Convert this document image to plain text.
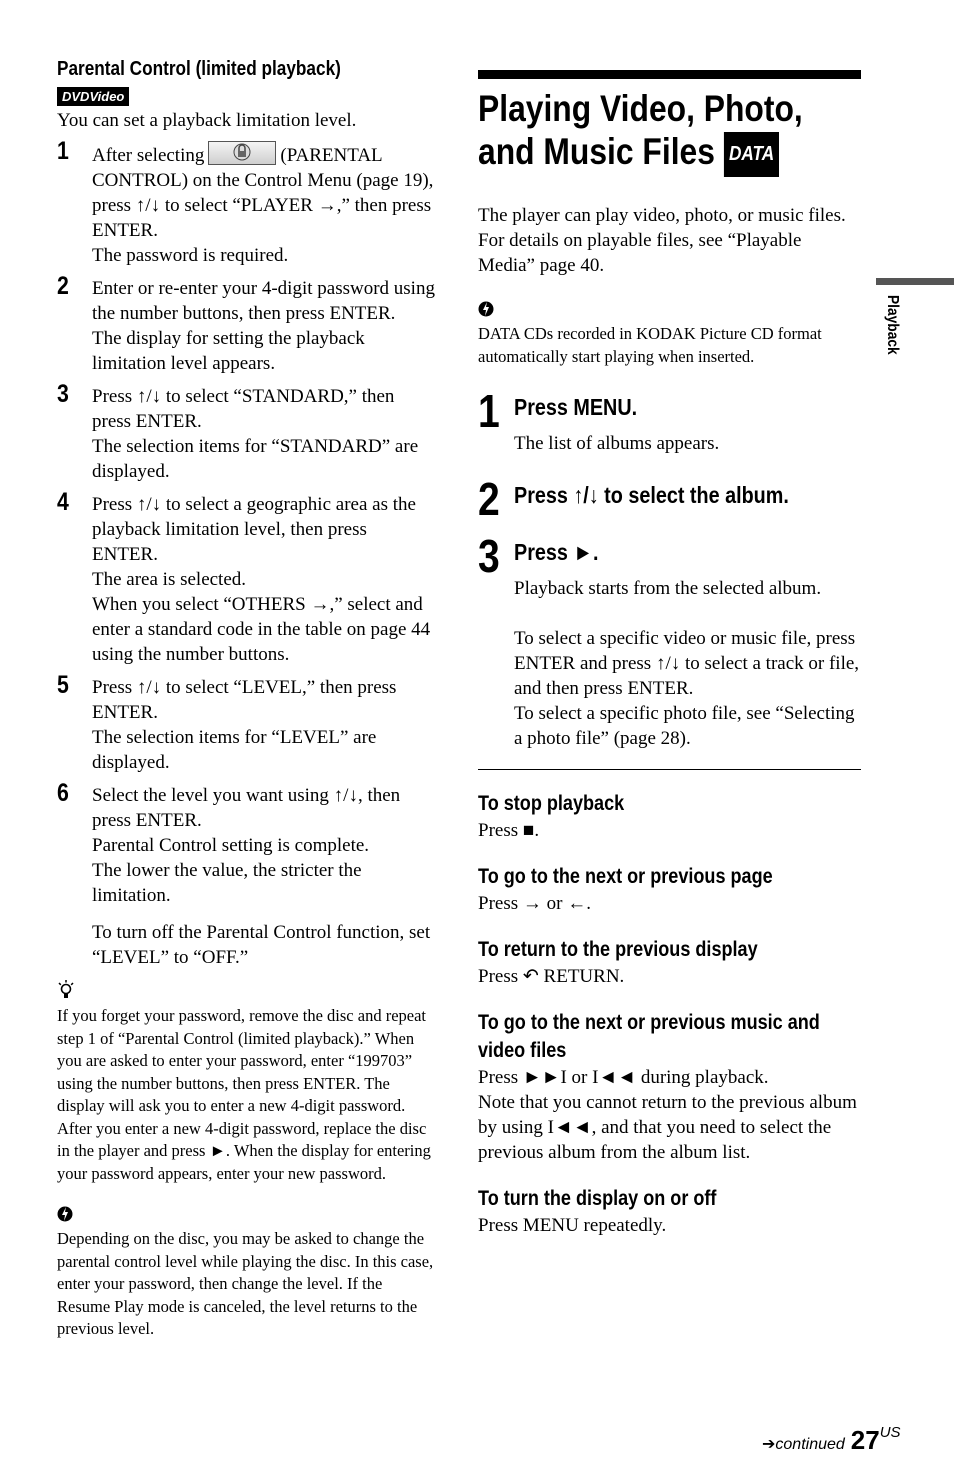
Parental Control (limited playback)
DVDVideo
You can set a playback limitation level.
1 After selecting	(PARENTAL CONTROL) on the Control Menu (page 19), press ↑/↓ to select “PLAYER →,” then press ENTER.

The password is required.

2 Enter or re-enter your 4-digit password using the number buttons, then press ENTER.

The display for setting the playback limitation level appears.

3 Press ↑/↓ to select “STANDARD,” then press ENTER.

The selection items for “STANDARD” are displayed.

4 Press ↑/↓ to select a geographic area as the playback limitation level, then press ENTER.

The area is selected.

When you select “OTHERS →,” select and enter a standard code in the table on page 44 using the number buttons.

5 Press ↑/↓ to select “LEVEL,” then press ENTER.

The selection items for “LEVEL” are displayed.

6 Select the level you want using ↑/↓, then press ENTER.

Parental Control setting is complete.

The lower the value, the stricter the limitation.

To turn off the Parental Control function, set “LEVEL” to “OFF.”

If you forget your password, remove the disc and repeat step 1 of “Parental Control (limited playback).” When you are asked to enter your password, enter “199703” using the number buttons, then press ENTER. The display will ask you to enter a new 4-digit password. After you enter a new 4-digit password, replace the disc in the player and press ►. When the display for entering your password appears, enter your new password.
Depending on the disc, you may be asked to change the parental control level while playing the disc. In this case, enter your password, then change the level. If the Resume Play mode is canceled, the level returns to the previous level.
Playing Video, Photo,
and Music Files DATA
The player can play video, photo, or music files. For details on playable files, see “Playable Media” page 40.
DATA CDs recorded in KODAK Picture CD format automatically start playing when inserted.
1 Press MENU.
The list of albums appears.
2 Press ↑/↓ to select the album.
3 Press ►.
Playback starts from the selected album.
To select a specific video or music file, press ENTER and press ↑/↓ to select a track or file, and then press ENTER.
To select a specific photo file, see “Selecting a photo file” (page 28).
To stop playback
Press ■.
To go to the next or previous page
Press → or ←.
To return to the previous display
Press ↶ RETURN.
To go to the next or previous music and
video files
Press ►►I or I◄◄ during playback.
Note that you cannot return to the previous album by using I◄◄, and that you need to select the previous album from the album list.
To turn the display on or off
Press MENU repeatedly.
Playback
➔continued 27US
